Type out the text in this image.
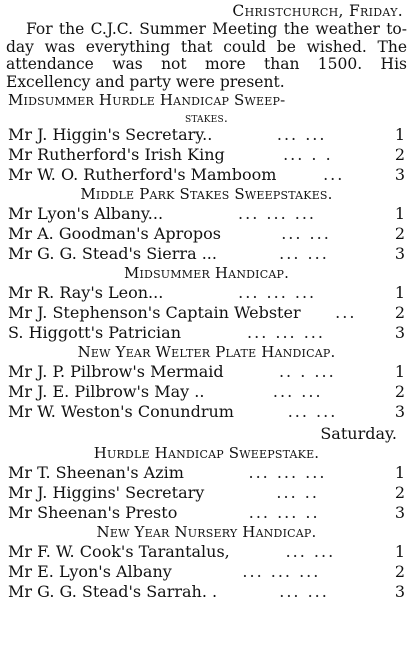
Christchurch, Friday.

For the C.J.C. Summer Meeting the weather to-day was everything that could be wished. The attendance was not more than 1500. His Excellency and party were present.

Midsummer Hurdle Handicap Sweep-
stakes.
Mr J. Higgin's Secretary..	... ...	1
Mr Rutherford's Irish King	... . .	2
Mr W. O. Rutherford's Mamboom	...	3
Middle Park Stakes Sweepstakes.
Mr Lyon's Albany...	... ... ...	1
Mr A. Goodman's Apropos	... ...	2
Mr G. G. Stead's Sierra ...	... ...	3
Midsummer Handicap.
Mr R. Ray's Leon...	... ... ...	1
Mr J. Stephenson's Captain Webster	...	2
S. Higgott's Patrician	... ... ...	3
New Year Welter Plate Handicap.
Mr J. P. Pilbrow's Mermaid	.. . ...	1
Mr J. E. Pilbrow's May ..	... ...	2
Mr W. Weston's Conundrum	... ...	3
Saturday.
Hurdle Handicap Sweepstake.
Mr T. Sheenan's Azim	... ... ...	1
Mr J. Higgins' Secretary	... ..	2
Mr Sheenan's Presto	... ... ..	3
New Year Nursery Handicap.
Mr F. W. Cook's Tarantalus,	... ...	1
Mr E. Lyon's Albany	... ... ...	2
Mr G. G. Stead's Sarrah. .	... ...	3
